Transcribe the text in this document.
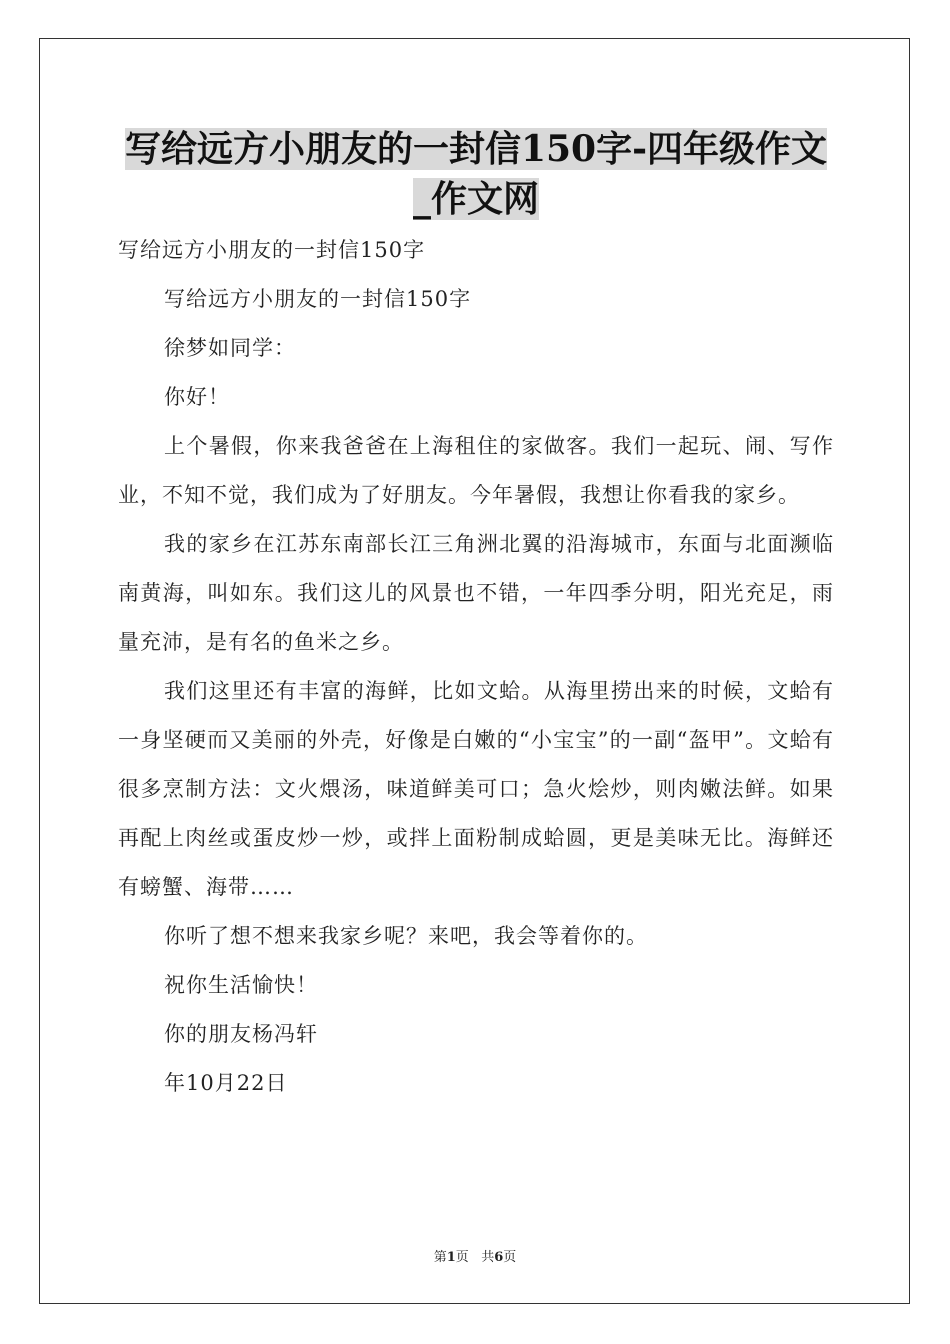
写给远方小朋友的一封信150字-四年级作文_作文网

写给远方小朋友的一封信150字

写给远方小朋友的一封信150字

徐梦如同学：

你好！

上个暑假，你来我爸爸在上海租住的家做客。我们一起玩、闹、写作业，不知不觉，我们成为了好朋友。今年暑假，我想让你看我的家乡。

我的家乡在江苏东南部长江三角洲北翼的沿海城市，东面与北面濒临南黄海，叫如东。我们这儿的风景也不错，一年四季分明，阳光充足，雨量充沛，是有名的鱼米之乡。

我们这里还有丰富的海鲜，比如文蛤。从海里捞出来的时候，文蛤有一身坚硬而又美丽的外壳，好像是白嫩的“小宝宝”的一副“盔甲”。文蛤有很多烹制方法：文火煨汤，味道鲜美可口；急火烩炒，则肉嫩法鲜。如果再配上肉丝或蛋皮炒一炒，或拌上面粉制成蛤圆，更是美味无比。海鲜还有螃蟹、海带……

你听了想不想来我家乡呢？来吧，我会等着你的。

祝你生活愉快！

你的朋友杨冯轩

年10月22日

第1页 共6页
